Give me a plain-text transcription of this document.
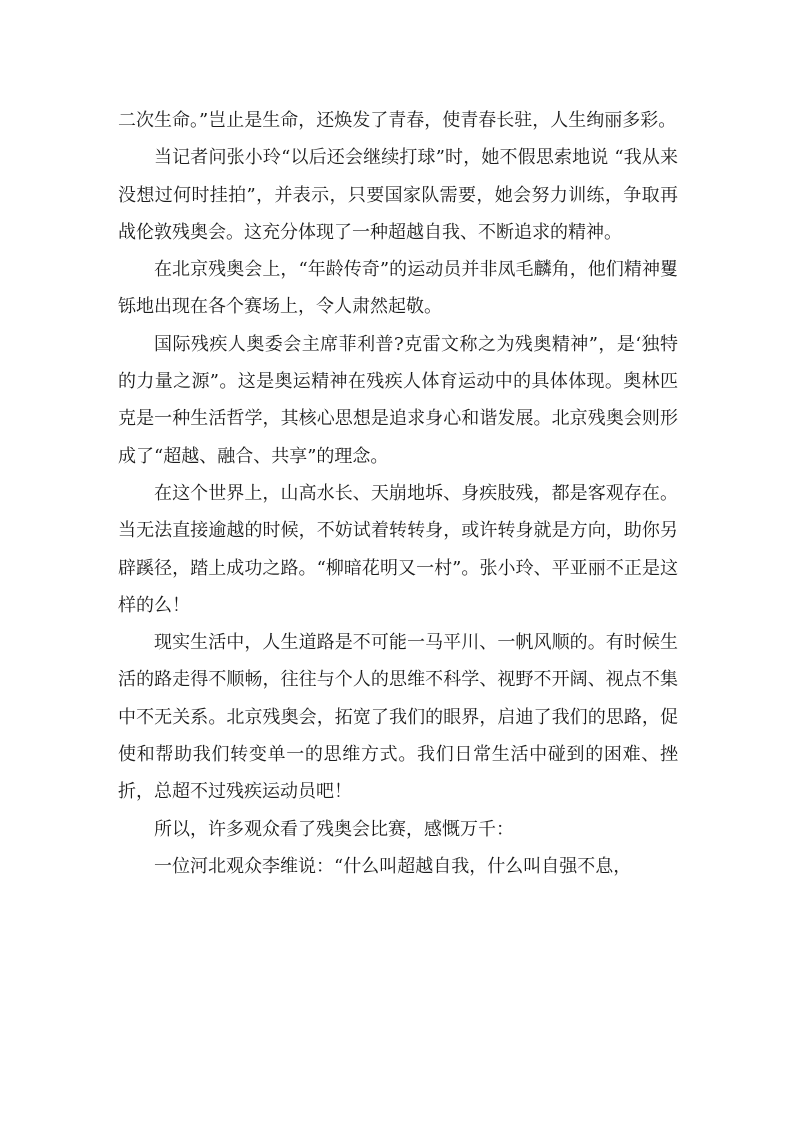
二次生命。”岂止是生命，还焕发了青春，使青春长驻，人生绚丽多彩。

当记者问张小玲“以后还会继续打球”时，她不假思索地说 “我从来没想过何时挂拍”，并表示，只要国家队需要，她会努力训练，争取再战伦敦残奥会。这充分体现了一种超越自我、不断追求的精神。

在北京残奥会上，“年龄传奇”的运动员并非凤毛麟角，他们精神矍铄地出现在各个赛场上，令人肃然起敬。

国际残疾人奥委会主席菲利普?克雷文称之为残奥精神”，是‘独特的力量之源”。这是奥运精神在残疾人体育运动中的具体体现。奥林匹克是一种生活哲学，其核心思想是追求身心和谐发展。北京残奥会则形成了“超越、融合、共享”的理念。

在这个世界上，山高水长、天崩地坼、身疾肢残，都是客观存在。当无法直接逾越的时候，不妨试着转转身，或许转身就是方向，助你另辟蹊径，踏上成功之路。“柳暗花明又一村”。张小玲、平亚丽不正是这样的么！

现实生活中，人生道路是不可能一马平川、一帆风顺的。有时候生活的路走得不顺畅，往往与个人的思维不科学、视野不开阔、视点不集中不无关系。北京残奥会，拓宽了我们的眼界，启迪了我们的思路，促使和帮助我们转变单一的思维方式。我们日常生活中碰到的困难、挫折，总超不过残疾运动员吧！

所以，许多观众看了残奥会比赛，感慨万千：

一位河北观众李维说：“什么叫超越自我，什么叫自强不息，
